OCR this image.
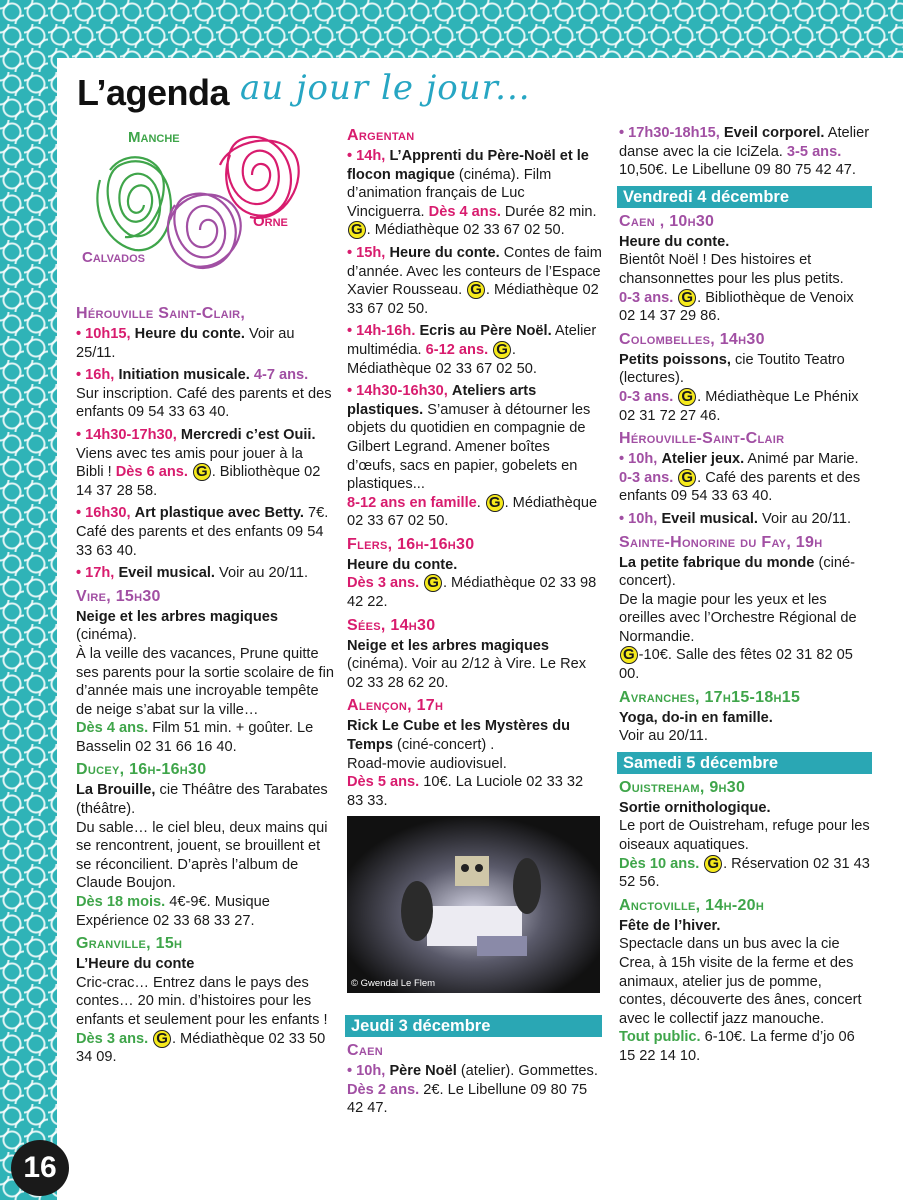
L’agenda au jour le jour...
Manche
Orne
Calvados
Hérouville Saint-Clair,

• 10h15, Heure du conte. Voir au 25/11.

• 16h, Initiation musicale. 4-7 ans. Sur inscription. Café des parents et des enfants 09 54 33 63 40.

• 14h30-17h30, Mercredi c’est Ouii. Viens avec tes amis pour jouer à la Bibli ! Dès 6 ans. G . Bibliothèque 02 14 37 28 58.

• 16h30, Art plastique avec Betty. 7€. Café des parents et des enfants 09 54 33 63 40.

• 17h, Eveil musical. Voir au 20/11.

Vire, 15h30

Neige et les arbres magiques
(cinéma).
À la veille des vacances, Prune quitte ses parents pour la sortie scolaire de fin d’année mais une incroyable tempête de neige s’abat sur la ville…
Dès 4 ans. Film 51 min. + goûter. Le Basselin 02 31 66 16 40.

Ducey, 16h-16h30

La Brouille, cie Théâtre des Tarabates (théâtre).
Du sable… le ciel bleu, deux mains qui se rencontrent, jouent, se brouillent et se réconcilient. D’après l’album de Claude Boujon.
Dès 18 mois. 4€-9€. Musique Expérience 02 33 68 33 27.

Granville, 15h

L’Heure du conte
Cric-crac… Entrez dans le pays des contes… 20 min. d’histoires pour les enfants et seulement pour les enfants !
Dès 3 ans. G . Médiathèque 02 33 50 34 09.

Argentan

• 14h, L’Apprenti du Père-Noël et le flocon magique (cinéma). Film d’animation français de Luc Vinciguerra. Dès 4 ans. Durée 82 min. G . Médiathèque 02 33 67 02 50.

• 15h, Heure du conte. Contes de faim d’année. Avec les conteurs de l’Espace Xavier Rousseau. G . Médiathèque 02 33 67 02 50.

• 14h-16h. Ecris au Père Noël. Atelier multimédia. 6-12 ans. G . Médiathèque 02 33 67 02 50.

• 14h30-16h30, Ateliers arts plastiques. S’amuser à détourner les objets du quotidien en compagnie de Gilbert Legrand. Amener boîtes d’œufs, sacs en papier, gobelets en plastiques...
8-12 ans en famille. G . Médiathèque 02 33 67 02 50.

Flers, 16h-16h30

Heure du conte.
Dès 3 ans. G . Médiathèque 02 33 98 42 22.

Sées, 14h30

Neige et les arbres magiques
(cinéma). Voir au 2/12 à Vire. Le Rex 02 33 28 62 20.

Alençon, 17h

Rick Le Cube et les Mystères du Temps (ciné-concert) .
Road-movie audiovisuel.
Dès 5 ans. 10€. La Luciole 02 33 32 83 33.

© Gwendal Le Flem
Jeudi 3 décembre
Caen

• 10h, Père Noël (atelier). Gommettes. Dès 2 ans. 2€. Le Libellune 09 80 75 42 47.

• 17h30-18h15, Eveil corporel. Atelier danse avec la cie IciZela. 3-5 ans. 10,50€. Le Libellune 09 80 75 42 47.

Vendredi 4 décembre
Caen , 10h30

Heure du conte.
Bientôt Noël ! Des histoires et chansonnettes pour les plus petits.
0-3 ans. G . Bibliothèque de Venoix 02 14 37 29 86.

Colombelles, 14h30

Petits poissons, cie Toutito Teatro (lectures).
0-3 ans. G . Médiathèque Le Phénix 02 31 72 27 46.

Hérouville-Saint-Clair

• 10h, Atelier jeux. Animé par Marie. 0-3 ans. G . Café des parents et des enfants 09 54 33 63 40.

• 10h, Eveil musical. Voir au 20/11.

Sainte-Honorine du Fay, 19h

La petite fabrique du monde (ciné-concert).
De la magie pour les yeux et les oreilles avec l’Orchestre Régional de Normandie.
G -10€. Salle des fêtes 02 31 82 05 00.

Avranches, 17h15-18h15

Yoga, do-in en famille.
Voir au 20/11.

Samedi 5 décembre
Ouistreham, 9h30

Sortie ornithologique.
Le port de Ouistreham, refuge pour les oiseaux aquatiques.
Dès 10 ans. G . Réservation 02 31 43 52 56.

Anctoville, 14h-20h

Fête de l’hiver.
Spectacle dans un bus avec la cie Crea, à 15h visite de la ferme et des animaux, atelier jus de pomme, contes, découverte des ânes, concert avec le collectif jazz manouche.
Tout public. 6-10€. La ferme d’jo 06 15 22 14 10.

16
